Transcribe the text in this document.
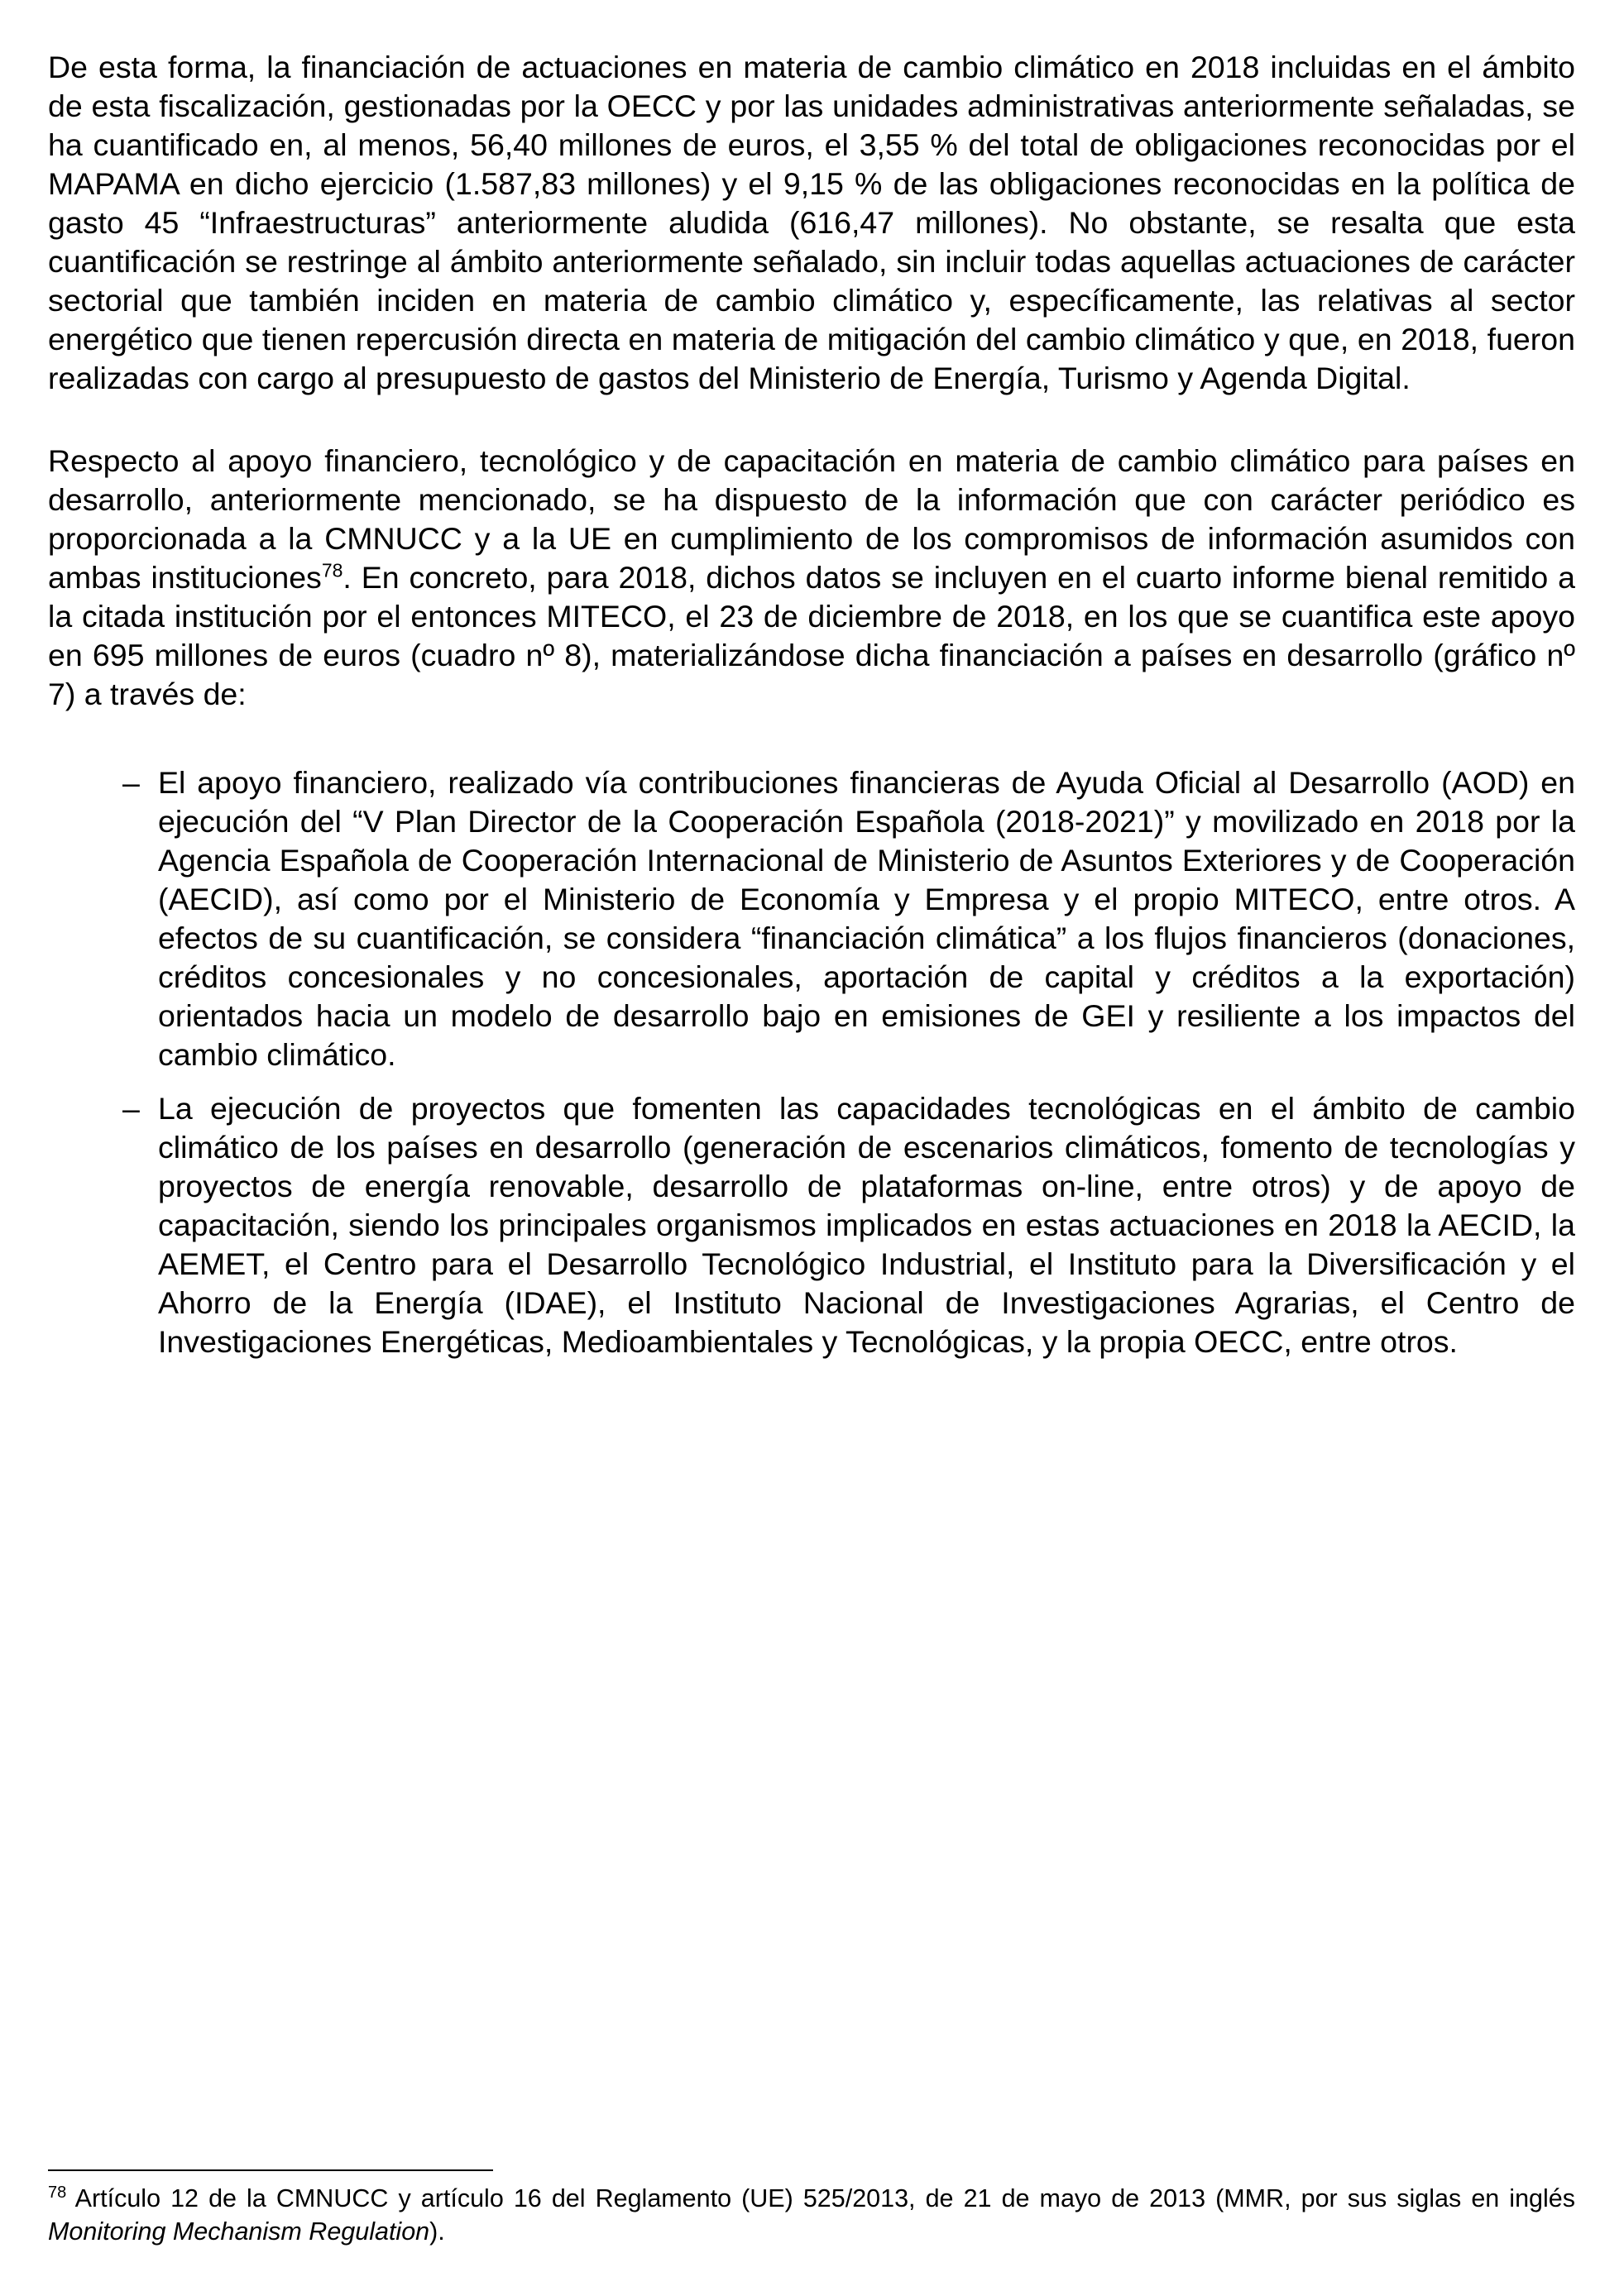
De esta forma, la financiación de actuaciones en materia de cambio climático en 2018 incluidas en el ámbito de esta fiscalización, gestionadas por la OECC y por las unidades administrativas anteriormente señaladas, se ha cuantificado en, al menos, 56,40 millones de euros, el 3,55 % del total de obligaciones reconocidas por el MAPAMA en dicho ejercicio (1.587,83 millones) y el 9,15 % de las obligaciones reconocidas en la política de gasto 45 “Infraestructuras” anteriormente aludida (616,47 millones). No obstante, se resalta que esta cuantificación se restringe al ámbito anteriormente señalado, sin incluir todas aquellas actuaciones de carácter sectorial que también inciden en materia de cambio climático y, específicamente, las relativas al sector energético que tienen repercusión directa en materia de mitigación del cambio climático y que, en 2018, fueron realizadas con cargo al presupuesto de gastos del Ministerio de Energía, Turismo y Agenda Digital.

Respecto al apoyo financiero, tecnológico y de capacitación en materia de cambio climático para países en desarrollo, anteriormente mencionado, se ha dispuesto de la información que con carácter periódico es proporcionada a la CMNUCC y a la UE en cumplimiento de los compromisos de información asumidos con ambas instituciones$^{78}$. En concreto, para 2018, dichos datos se incluyen en el cuarto informe bienal remitido a la citada institución por el entonces MITECO, el 23 de diciembre de 2018, en los que se cuantifica este apoyo en 695 millones de euros (cuadro nº 8), materializándose dicha financiación a países en desarrollo (gráfico nº 7) a través de:

– El apoyo financiero, realizado vía contribuciones financieras de Ayuda Oficial al Desarrollo (AOD) en ejecución del “V Plan Director de la Cooperación Española (2018-2021)” y movilizado en 2018 por la Agencia Española de Cooperación Internacional de Ministerio de Asuntos Exteriores y de Cooperación (AECID), así como por el Ministerio de Economía y Empresa y el propio MITECO, entre otros. A efectos de su cuantificación, se considera “financiación climática” a los flujos financieros (donaciones, créditos concesionales y no concesionales, aportación de capital y créditos a la exportación) orientados hacia un modelo de desarrollo bajo en emisiones de GEI y resiliente a los impactos del cambio climático.
– La ejecución de proyectos que fomenten las capacidades tecnológicas en el ámbito de cambio climático de los países en desarrollo (generación de escenarios climáticos, fomento de tecnologías y proyectos de energía renovable, desarrollo de plataformas on-line, entre otros) y de apoyo de capacitación, siendo los principales organismos implicados en estas actuaciones en 2018 la AECID, la AEMET, el Centro para el Desarrollo Tecnológico Industrial, el Instituto para la Diversificación y el Ahorro de la Energía (IDAE), el Instituto Nacional de Investigaciones Agrarias, el Centro de Investigaciones Energéticas, Medioambientales y Tecnológicas, y la propia OECC, entre otros.

$^{78}$ Artículo 12 de la CMNUCC y artículo 16 del Reglamento (UE) 525/2013, de 21 de mayo de 2013 (MMR, por sus siglas en inglés Monitoring Mechanism Regulation).
